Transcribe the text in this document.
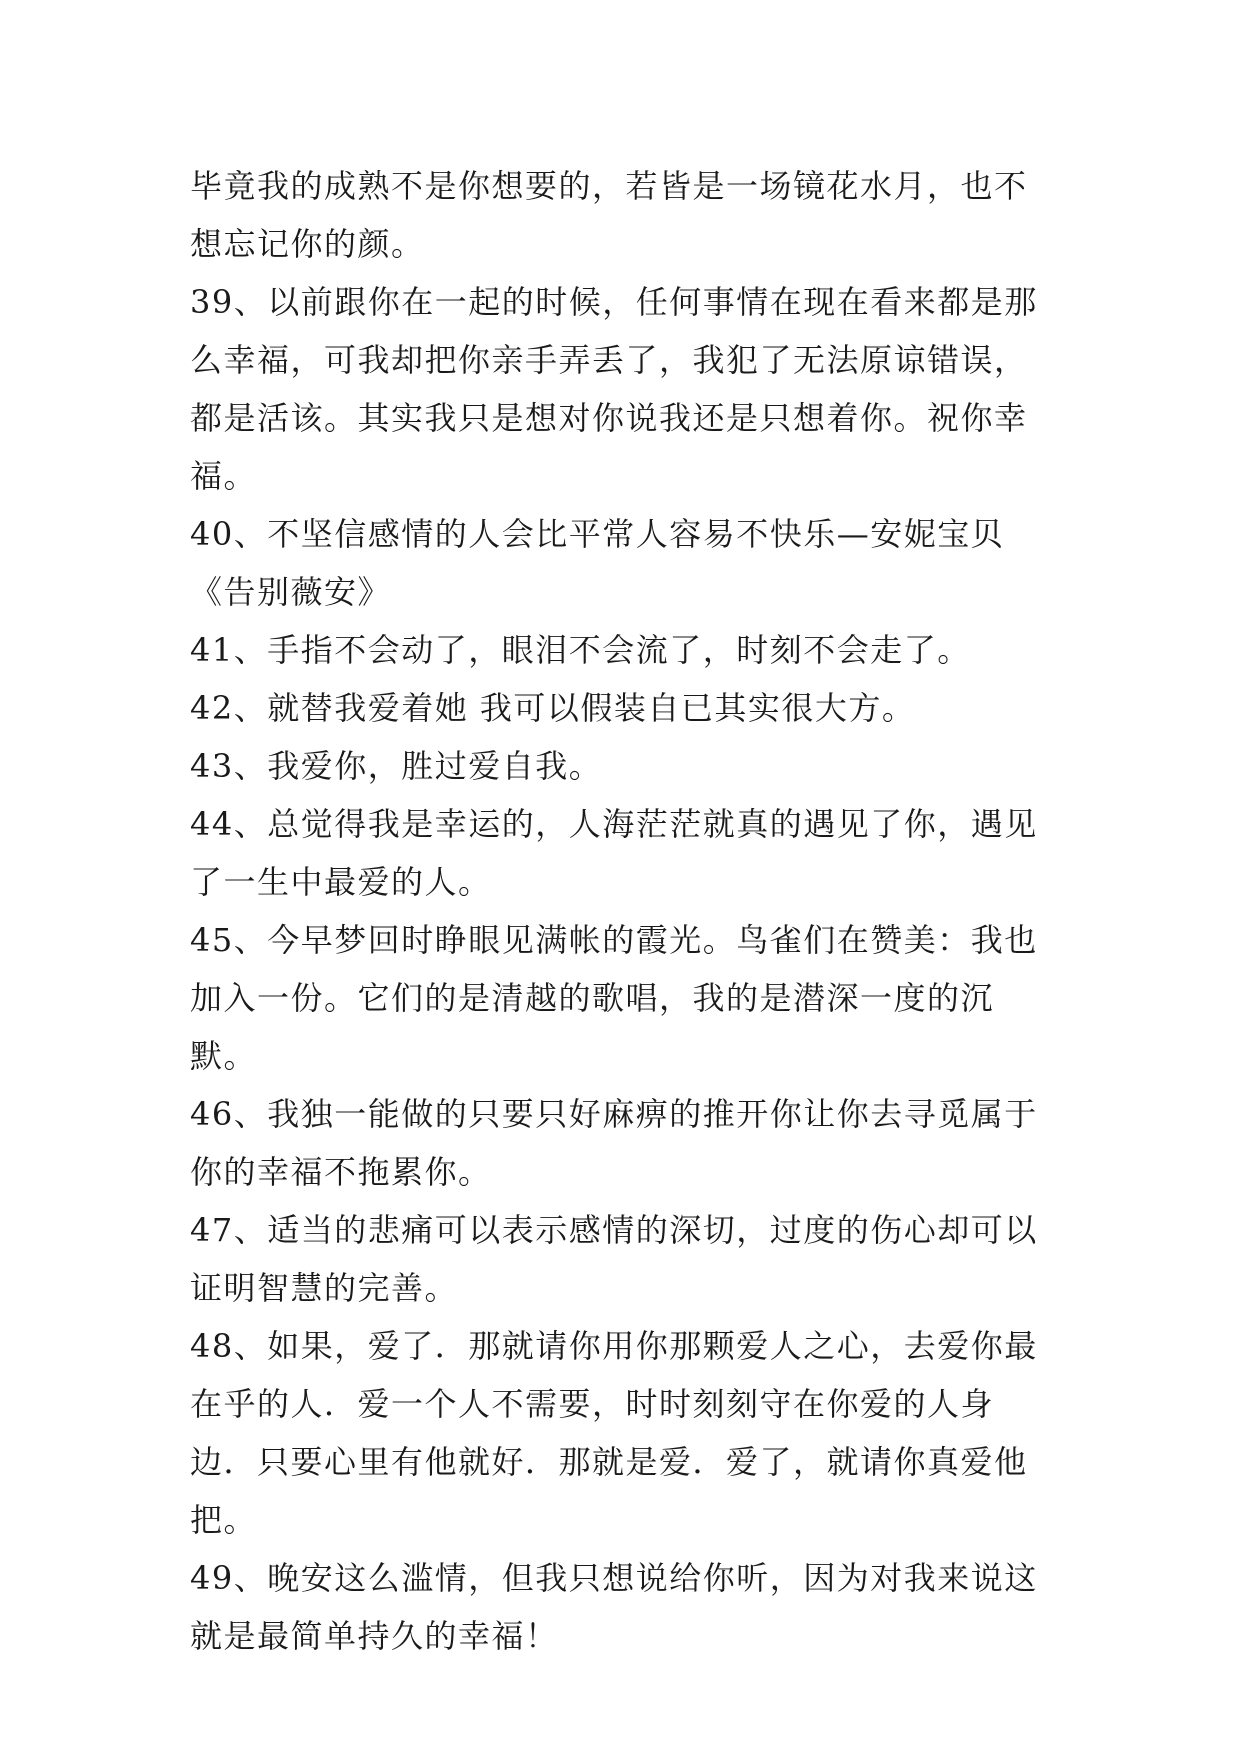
毕竟我的成熟不是你想要的，若皆是一场镜花水月，也不想忘记你的颜。

39、以前跟你在一起的时候，任何事情在现在看来都是那么幸福，可我却把你亲手弄丢了，我犯了无法原谅错误，都是活该。其实我只是想对你说我还是只想着你。祝你幸福。

40、不坚信感情的人会比平常人容易不快乐—安妮宝贝《告别薇安》

41、手指不会动了，眼泪不会流了，时刻不会走了。

42、就替我爱着她 我可以假装自已其实很大方。

43、我爱你，胜过爱自我。

44、总觉得我是幸运的，人海茫茫就真的遇见了你，遇见了一生中最爱的人。

45、今早梦回时睁眼见满帐的霞光。鸟雀们在赞美：我也加入一份。它们的是清越的歌唱，我的是潜深一度的沉默。

46、我独一能做的只要只好麻痹的推开你让你去寻觅属于你的幸福不拖累你。

47、适当的悲痛可以表示感情的深切，过度的伤心却可以证明智慧的完善。

48、如果，爱了．那就请你用你那颗爱人之心，去爱你最在乎的人．爱一个人不需要，时时刻刻守在你爱的人身边．只要心里有他就好．那就是爱．爱了，就请你真爱他把。

49、晚安这么滥情，但我只想说给你听，因为对我来说这就是最简单持久的幸福！
